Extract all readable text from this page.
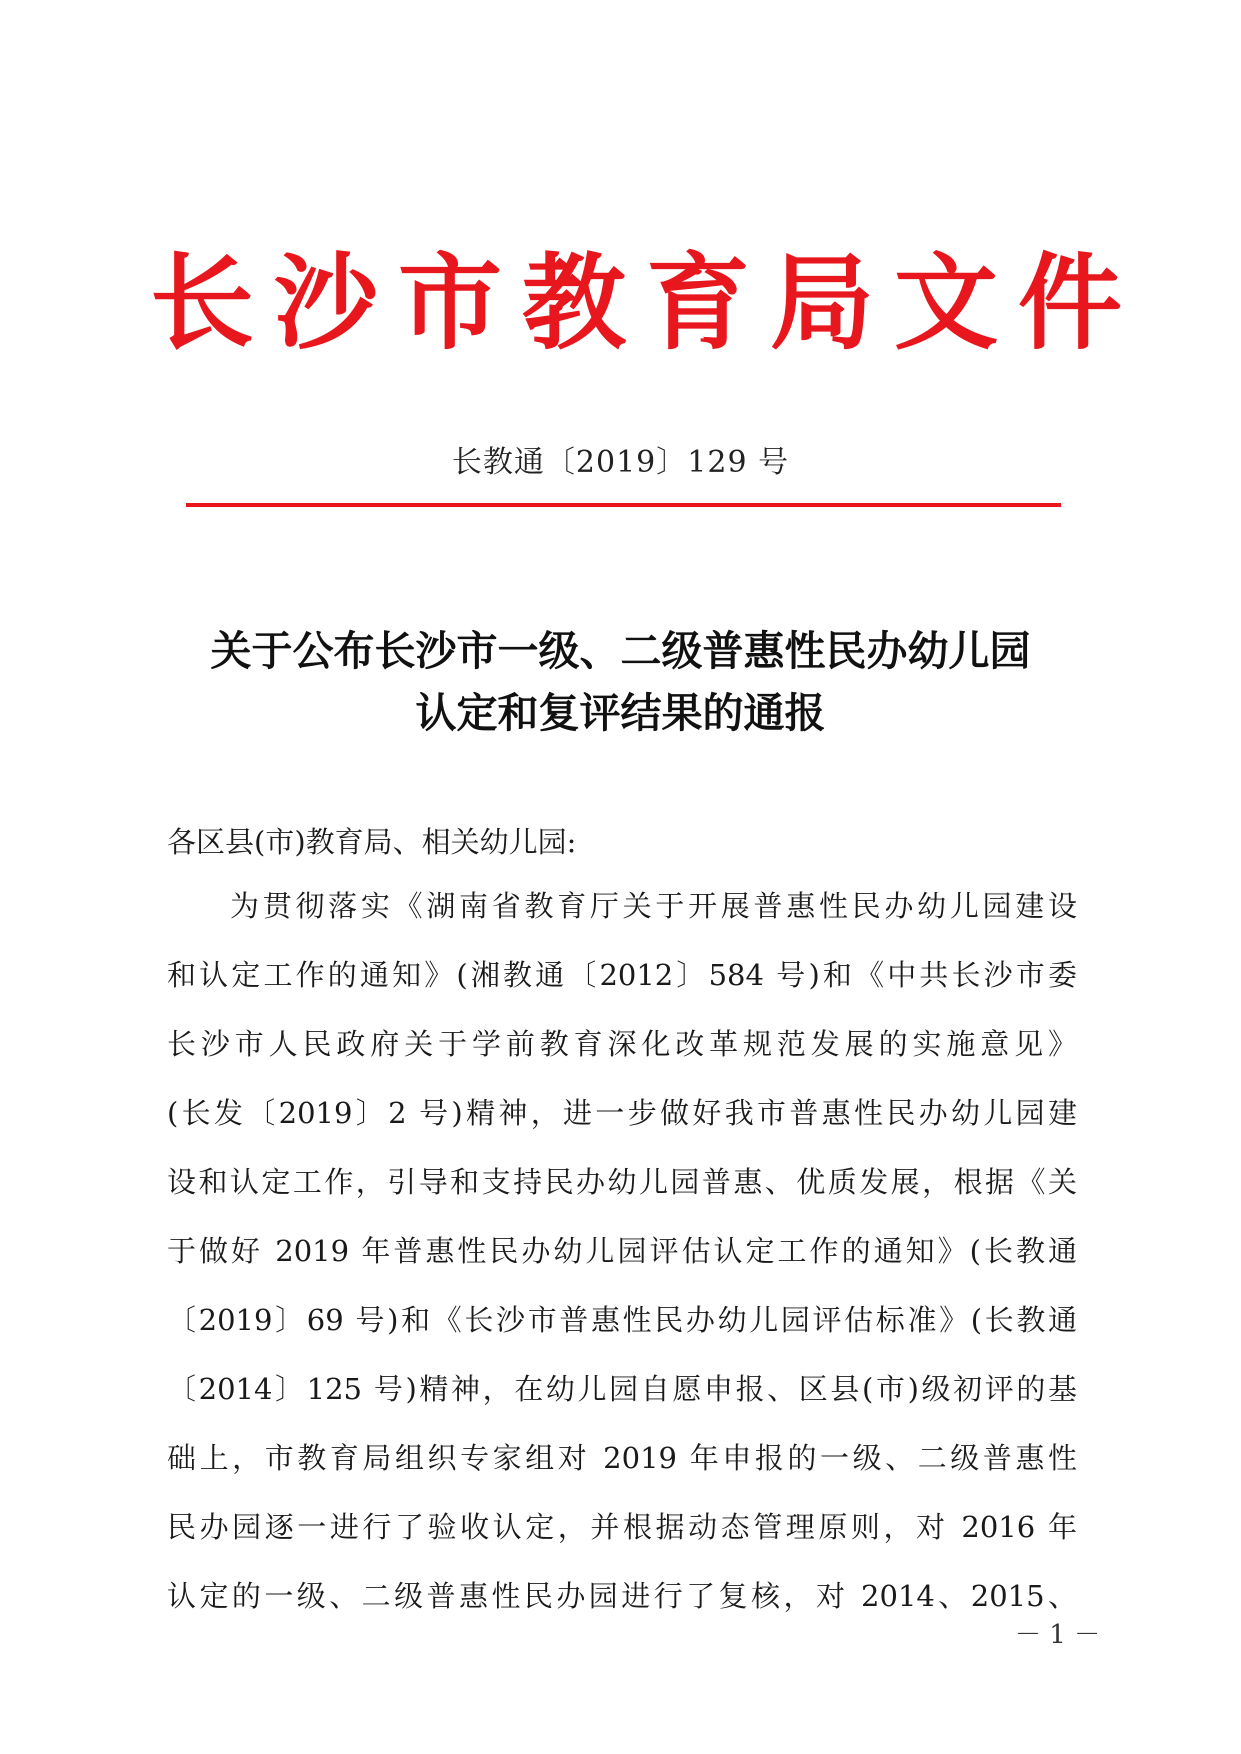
长沙市教育局文件
长教通〔2019〕129 号
关于公布长沙市一级、二级普惠性民办幼儿园
认定和复评结果的通报
各区县(市)教育局、相关幼儿园:
为贯彻落实《湖南省教育厅关于开展普惠性民办幼儿园建设
和认定工作的通知》(湘教通〔2012〕584 号)和《中共长沙市委
长沙市人民政府关于学前教育深化改革规范发展的实施意见》
(长发〔2019〕2 号)精神，进一步做好我市普惠性民办幼儿园建
设和认定工作，引导和支持民办幼儿园普惠、优质发展，根据《关
于做好 2019 年普惠性民办幼儿园评估认定工作的通知》(长教通
〔2019〕69 号)和《长沙市普惠性民办幼儿园评估标准》(长教通
〔2014〕125 号)精神，在幼儿园自愿申报、区县(市)级初评的基
础上，市教育局组织专家组对 2019 年申报的一级、二级普惠性
民办园逐一进行了验收认定，并根据动态管理原则，对 2016 年
认定的一级、二级普惠性民办园进行了复核，对 2014、2015、
－ 1 －
